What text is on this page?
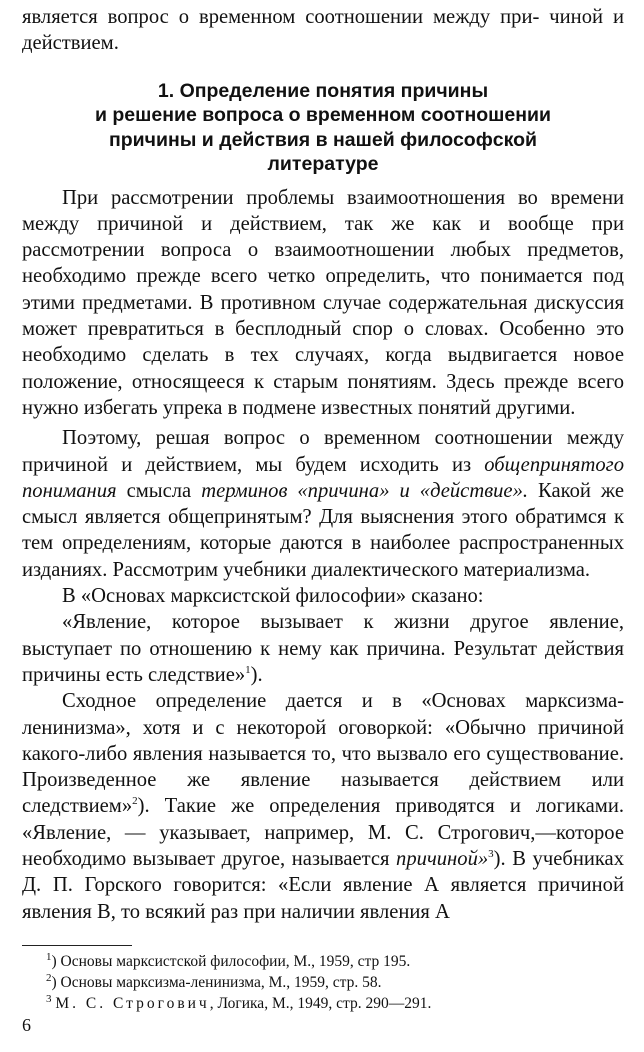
является вопрос о временном соотношении между при- чиной и действием.

1. Определение понятия причины
и решение вопроса о временном соотношении
причины и действия в нашей философской
литературе

При рассмотрении проблемы взаимоотношения во времени между причиной и действием, так же как и вообще при рассмотрении вопроса о взаимоотношении любых предметов, необходимо прежде всего четко определить, что понимается под этими предметами. В противном случае содержательная дискуссия может превратиться в бесплодный спор о словах. Особенно это необходимо сделать в тех случаях, когда выдвигается новое положение, относящееся к старым понятиям. Здесь прежде всего нужно избегать упрека в подмене известных понятий другими.

Поэтому, решая вопрос о временном соотношении между причиной и действием, мы будем исходить из общепринятого понимания смысла терминов «причина» и «действие». Какой же смысл является общепринятым? Для выяснения этого обратимся к тем определениям, которые даются в наиболее распространенных изданиях. Рассмотрим учебники диалектического материализма.

В «Основах марксистской философии» сказано:

«Явление, которое вызывает к жизни другое явление, выступает по отношению к нему как причина. Результат действия причины есть следствие»$^1$).

Сходное определение дается и в «Основах марксизма-ленинизма», хотя и с некоторой оговоркой: «Обычно причиной какого-либо явления называется то, что вызвало его существование. Произведенное же явление называется действием или следствием»$^2$). Такие же определения приводятся и логиками. «Явление, — указывает, например, М. С. Строгович,—которое необходимо вызывает другое, называется причиной»$^3$). В учебниках Д. П. Горского говорится: «Если явление А является причиной явления В, то всякий раз при наличии явления А

$^1$) Основы марксистской философии, М., 1959, стр 195.

$^2$) Основы марксизма-ленинизма, М., 1959, стр. 58.

$^3$ М. С. Строгович, Логика, М., 1949, стр. 290—291.

6
